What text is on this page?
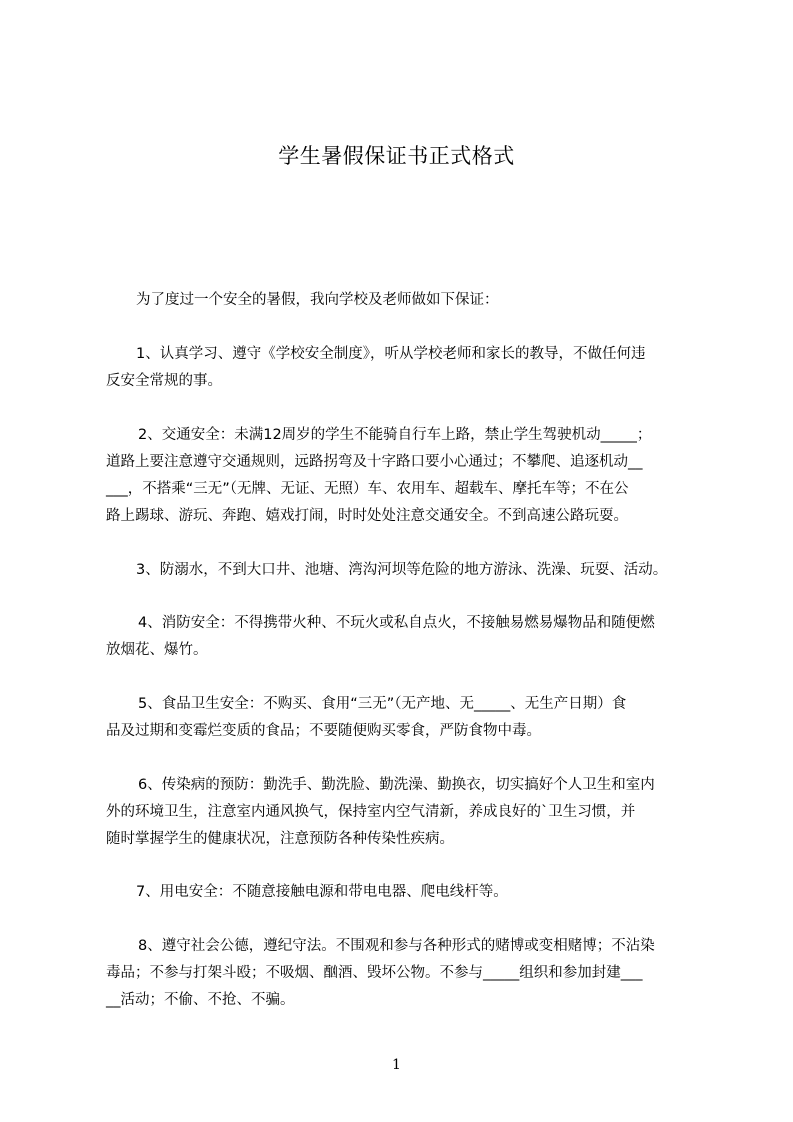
学生暑假保证书正式格式
为了度过一个安全的暑假，我向学校及老师做如下保证：
1、认真学习、遵守《学校安全制度》，听从学校老师和家长的教导，不做任何违
反安全常规的事。
2、交通安全：未满12周岁的学生不能骑自行车上路，禁止学生驾驶机动_____；
道路上要注意遵守交通规则，远路拐弯及十字路口要小心通过；不攀爬、追逐机动__
___，不搭乘“三无”（无牌、无证、无照）车、农用车、超载车、摩托车等；不在公
路上踢球、游玩、奔跑、嬉戏打闹，时时处处注意交通安全。不到高速公路玩耍。
3、防溺水，不到大口井、池塘、湾沟河坝等危险的地方游泳、洗澡、玩耍、活动。
4、消防安全：不得携带火种、不玩火或私自点火，不接触易燃易爆物品和随便燃
放烟花、爆竹。
5、食品卫生安全：不购买、食用“三无”（无产地、无_____、无生产日期）食
品及过期和变霉烂变质的食品；不要随便购买零食，严防食物中毒。
6、传染病的预防：勤洗手、勤洗脸、勤洗澡、勤换衣，切实搞好个人卫生和室内
外的环境卫生，注意室内通风换气，保持室内空气清新，养成良好的`卫生习惯，并
随时掌握学生的健康状况，注意预防各种传染性疾病。
7、用电安全：不随意接触电源和带电电器、爬电线杆等。
8、遵守社会公德，遵纪守法。不围观和参与各种形式的赌博或变相赌博；不沾染
毒品；不参与打架斗殴；不吸烟、酗酒、毁坏公物。不参与_____组织和参加封建___
__活动；不偷、不抢、不骗。
1
